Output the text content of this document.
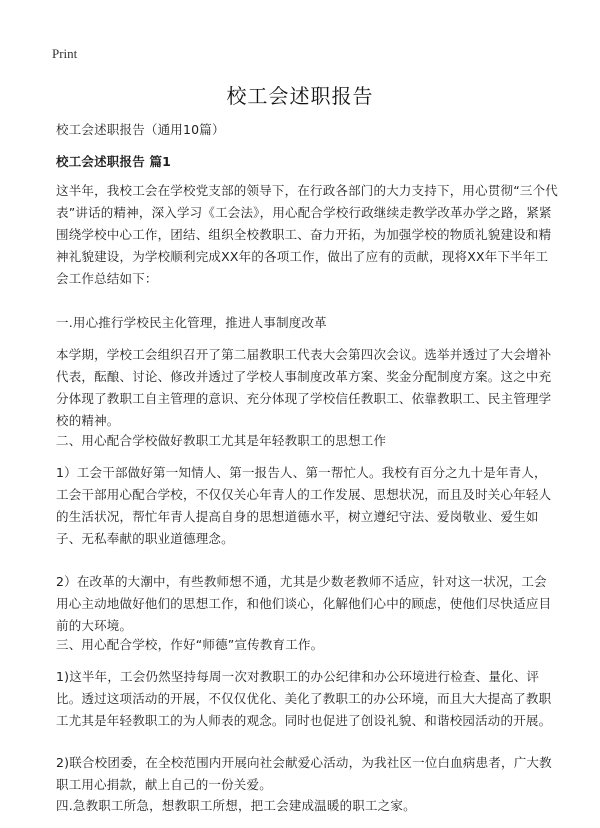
Print
校工会述职报告
校工会述职报告（通用10篇）
校工会述职报告 篇1

这半年，我校工会在学校党支部的领导下，在行政各部门的大力支持下，用心贯彻“三个代表”讲话的精神，深入学习《工会法》，用心配合学校行政继续走教学改革办学之路，紧紧围绕学校中心工作，团结、组织全校教职工、奋力开拓，为加强学校的物质礼貌建设和精神礼貌建设，为学校顺利完成XX年的各项工作，做出了应有的贡献，现将XX年下半年工会工作总结如下：

一.用心推行学校民主化管理，推进人事制度改革

本学期，学校工会组织召开了第二届教职工代表大会第四次会议。选举并透过了大会增补代表，酝酿、讨论、修改并透过了学校人事制度改革方案、奖金分配制度方案。这之中充分体现了教职工自主管理的意识、充分体现了学校信任教职工、依靠教职工、民主管理学校的精神。

二、用心配合学校做好教职工尤其是年轻教职工的思想工作

1）工会干部做好第一知情人、第一报告人、第一帮忙人。我校有百分之九十是年青人，工会干部用心配合学校，不仅仅关心年青人的工作发展、思想状况，而且及时关心年轻人的生活状况，帮忙年青人提高自身的思想道德水平，树立遵纪守法、爱岗敬业、爱生如子、无私奉献的职业道德理念。

2）在改革的大潮中，有些教师想不通，尤其是少数老教师不适应，针对这一状况，工会用心主动地做好他们的思想工作，和他们谈心，化解他们心中的顾虑，使他们尽快适应目前的大环境。

三、用心配合学校，作好“师德”宣传教育工作。

1)这半年，工会仍然坚持每周一次对教职工的办公纪律和办公环境进行检查、量化、评比。透过这项活动的开展，不仅仅优化、美化了教职工的办公环境，而且大大提高了教职工尤其是年轻教职工的为人师表的观念。同时也促进了创设礼貌、和谐校园活动的开展。

2)联合校团委，在全校范围内开展向社会献爱心活动，为我社区一位白血病患者，广大教职工用心捐款，献上自己的一份关爱。

四.急教职工所急，想教职工所想，把工会建成温暖的职工之家。
